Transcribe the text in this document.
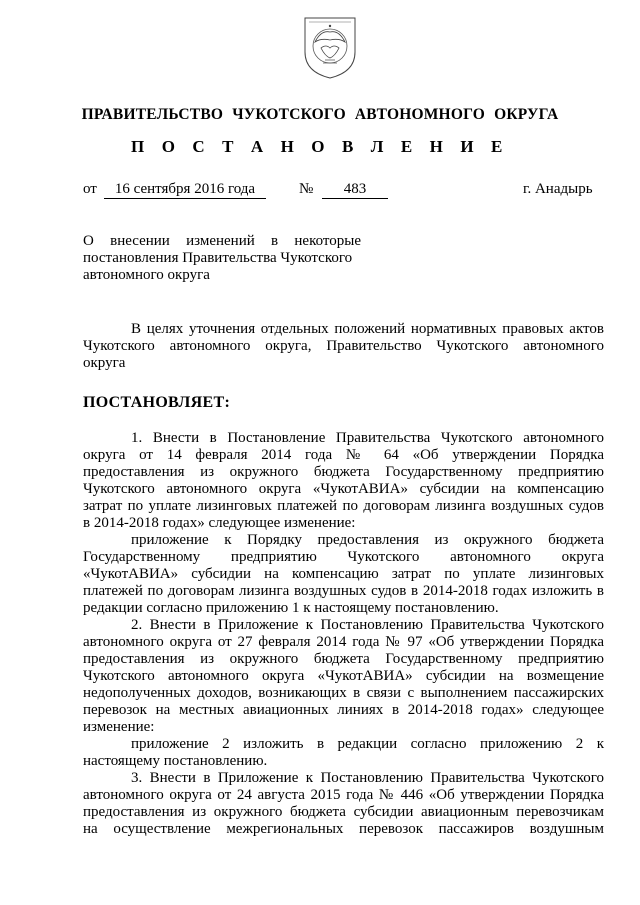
ПРАВИТЕЛЬСТВО ЧУКОТСКОГО АВТОНОМНОГО ОКРУГА
П О С Т А Н О В Л Е Н И Е
от	16 сентября 2016 года	№	483	г. Анадырь
О внесении изменений в некоторые
постановления Правительства Чукотского
автономного округа
В целях уточнения отдельных положений нормативных правовых актов
Чукотского автономного округа, Правительство Чукотского автономного
округа
ПОСТАНОВЛЯЕТ:
1. Внести в Постановление Правительства Чукотского автономного
округа от 14 февраля 2014 года № 64 «Об утверждении Порядка
предоставления из окружного бюджета Государственному предприятию
Чукотского автономного округа «ЧукотАВИА» субсидии на компенсацию
затрат по уплате лизинговых платежей по договорам лизинга воздушных судов
в 2014-2018 годах» следующее изменение:
приложение к Порядку предоставления из окружного бюджета
Государственному предприятию Чукотского автономного округа
«ЧукотАВИА» субсидии на компенсацию затрат по уплате лизинговых
платежей по договорам лизинга воздушных судов в 2014-2018 годах изложить в
редакции согласно приложению 1 к настоящему постановлению.
2. Внести в Приложение к Постановлению Правительства Чукотского
автономного округа от 27 февраля 2014 года № 97 «Об утверждении Порядка
предоставления из окружного бюджета Государственному предприятию
Чукотского автономного округа «ЧукотАВИА» субсидии на возмещение
недополученных доходов, возникающих в связи с выполнением пассажирских
перевозок на местных авиационных линиях в 2014-2018 годах» следующее
изменение:
приложение 2 изложить в редакции согласно приложению 2 к
настоящему постановлению.
3. Внести в Приложение к Постановлению Правительства Чукотского
автономного округа от 24 августа 2015 года № 446 «Об утверждении Порядка
предоставления из окружного бюджета субсидии авиационным перевозчикам
на осуществление межрегиональных перевозок пассажиров воздушным
